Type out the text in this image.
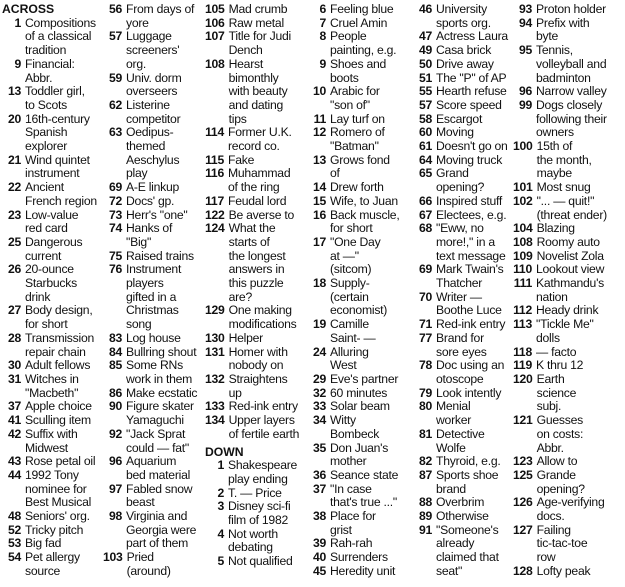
ACROSS
1 Compositions
of a classical
tradition
9 Financial:
Abbr.
13 Toddler girl,
to Scots
20 16th-century
Spanish
explorer
21 Wind quintet
instrument
22 Ancient
French region
23 Low-value
red card
25 Dangerous
current
26 20-ounce
Starbucks
drink
27 Body design,
for short
28 Transmission
repair chain
30 Adult fellows
31 Witches in
"Macbeth"
37 Apple choice
41 Sculling item
42 Suffix with
Midwest
43 Rose petal oil
44 1992 Tony
nominee for
Best Musical
48 Seniors' org.
52 Tricky pitch
53 Big fad
54 Pet allergy
source
56 From days of
yore
57 Luggage
screeners'
org.
59 Univ. dorm
overseers
62 Listerine
competitor
63 Oedipus-
themed
Aeschylus
play
69 A-E linkup
72 Docs' gp.
73 Herr's "one"
74 Hanks of
"Big"
75 Raised trains
76 Instrument
players
gifted in a
Christmas
song
83 Log house
84 Bullring shout
85 Some RNs
work in them
86 Make ecstatic
90 Figure skater
Yamaguchi
92 "Jack Sprat
could — fat"
96 Aquarium
bed material
97 Fabled snow
beast
98 Virginia and
Georgia were
part of them
103 Pried
(around)
105 Mad crumb
106 Raw metal
107 Title for Judi
Dench
108 Hearst
bimonthly
with beauty
and dating
tips
114 Former U.K.
record co.
115 Fake
116 Muhammad
of the ring
117 Feudal lord
122 Be averse to
124 What the
starts of
the longest
answers in
this puzzle
are?
129 One making
modifications
130 Helper
131 Homer with
nobody on
132 Straightens
up
133 Red-ink entry
134 Upper layers
of fertile earth
DOWN
1 Shakespeare
play ending
2 T. — Price
3 Disney sci-fi
film of 1982
4 Not worth
debating
5 Not qualified
6 Feeling blue
7 Cruel Amin
8 People
painting, e.g.
9 Shoes and
boots
10 Arabic for
"son of"
11 Lay turf on
12 Romero of
"Batman"
13 Grows fond
of
14 Drew forth
15 Wife, to Juan
16 Back muscle,
for short
17 "One Day
at —"
(sitcom)
18 Supply-
(certain
economist)
19 Camille
Saint- —
24 Alluring
West
29 Eve's partner
32 60 minutes
33 Solar beam
34 Witty
Bombeck
35 Don Juan's
mother
36 Seance state
37 "In case
that's true ..."
38 Place for
grist
39 Rah-rah
40 Surrenders
45 Heredity unit
46 University
sports org.
47 Actress Laura
49 Casa brick
50 Drive away
51 The "P" of AP
55 Hearth refuse
57 Score speed
58 Escargot
60 Moving
61 Doesn't go on
64 Moving truck
65 Grand
opening?
66 Inspired stuff
67 Electees, e.g.
68 "Eww, no
more!," in a
text message
69 Mark Twain's
Thatcher
70 Writer —
Boothe Luce
71 Red-ink entry
77 Brand for
sore eyes
78 Doc using an
otoscope
79 Look intently
80 Menial
worker
81 Detective
Wolfe
82 Thyroid, e.g.
87 Sports shoe
brand
88 Overbrim
89 Otherwise
91 "Someone's
already
claimed that
seat"
93 Proton holder
94 Prefix with
byte
95 Tennis,
volleyball and
badminton
96 Narrow valley
99 Dogs closely
following their
owners
100 15th of
the month,
maybe
101 Most snug
102 "... — quit!"
(threat ender)
104 Blazing
108 Roomy auto
109 Novelist Zola
110 Lookout view
111 Kathmandu's
nation
112 Heady drink
113 "Tickle Me"
dolls
118 — facto
119 K thru 12
120 Earth
science
subj.
121 Guesses
on costs:
Abbr.
123 Allow to
125 Grande
opening?
126 Age-verifying
docs.
127 Failing
tic-tac-toe
row
128 Lofty peak
